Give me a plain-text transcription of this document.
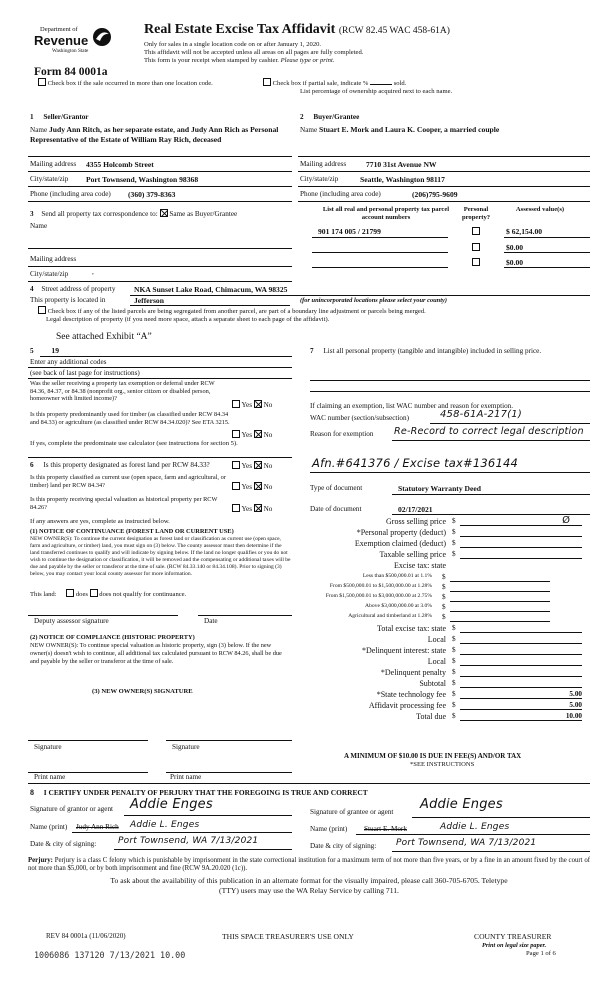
Department of
Revenue
Washington State
Form 84 0001a
Real Estate Excise Tax Affidavit (RCW 82.45 WAC 458-61A)
Only for sales in a single location code on or after January 1, 2020.
This affidavit will not be accepted unless all areas on all pages are fully completed.
This form is your receipt when stamped by cashier. Please type or print.
Check box if the sale occurred in more than one location code.	Check box if partial sale, indicate %	sold.
List percentage of ownership acquired next to each name.
1 Seller/Grantor
Name Judy Ann Ritch, as her separate estate, and Judy Ann Rich as Personal Representative of the Estate of William Ray Rich, deceased
2 Buyer/Grantee
Name Stuart E. Mork and Laura K. Cooper, a married couple
Mailing address 4355 Holcomb Street
City/state/zip Port Townsend, Washington 98368
Phone (including area code) (360) 379-8363
Mailing address	7710 31st Avenue NW
City/state/zip	Seattle, Washington 98117
Phone (including area code)	(206)795-9609
3 Send all property tax correspondence to: Same as Buyer/Grantee
Name
Mailing address
City/state/zip	,
List all real and personal property tax parcel account numbers
Personal property?
Assessed value(s)
901 174 005 / 21799	$ 62,154.00
$0.00
$0.00
4 Street address of property NKA Sunset Lake Road, Chimacum, WA 98325
This property is located in	Jefferson	(for unincorporated locations please select your county)
Check box if any of the listed parcels are being segregated from another parcel, are part of a boundary line adjustment or parcels being merged.
Legal description of property (if you need more space, attach a separate sheet to each page of the affidavit).
See attached Exhibit “A”
5 19
Enter any additional codes
(see back of last page for instructions)
Was the seller receiving a property tax exemption or deferral under RCW 84.36, 84.37, or 84.38 (nonprofit org., senior citizen or disabled person, homeowner with limited income)?
Yes No
Is this property predominantly used for timber (as classified under RCW 84.34 and 84.33) or agriculture (as classified under RCW 84.34.020)? See ETA 3215.
Yes No
If yes, complete the predominate use calculator (see instructions for section 5).
6 Is this property designated as forest land per RCW 84.33?	Yes No
Is this property classified as current use (open space, farm and agricultural, or timber) land per RCW 84.34?	Yes No
Is this property receiving special valuation as historical property per RCW 84.26?	Yes No
If any answers are yes, complete as instructed below.
(1) NOTICE OF CONTINUANCE (FOREST LAND OR CURRENT USE)
NEW OWNER(S): To continue the current designation as forest land or classification as current use (open space, farm and agriculture, or timber) land, you must sign on (3) below. The county assessor must then determine if the land transferred continues to qualify and will indicate by signing below. If the land no longer qualifies or you do not wish to continue the designation or classification, it will be removed and the compensating or additional taxes will be due and payable by the seller or transferor at the time of sale. (RCW 84.33.140 or 84.34.108). Prior to signing (3) below, you may contact your local county assessor for more information.
This land:	does does not qualify for continuance.
Deputy assessor signature	Date
(2) NOTICE OF COMPLIANCE (HISTORIC PROPERTY)
NEW OWNER(S): To continue special valuation as historic property, sign (3) below. If the new owner(s) doesn't wish to continue, all additional tax calculated pursuant to RCW 84.26, shall be due and payable by the seller or transferor at the time of sale.
(3) NEW OWNER(S) SIGNATURE
Signature	Signature
Print name	Print name
7 List all personal property (tangible and intangible) included in selling price.
If claiming an exemption, list WAC number and reason for exemption.
WAC number (section/subsection)	458-61A-217(1)
Reason for exemption Re-Record to correct legal description
Afn.#641376 / Excise tax#136144
Type of document	Statutory Warranty Deed
Date of document	02/17/2021
Gross selling price $	Ø
*Personal property (deduct) $
Exemption claimed (deduct) $
Taxable selling price $
Excise tax: state
Less than $500,000.01 at 1.1% $
From $500,000.01 to $1,500,000.00 at 1.28% $
From $1,500,000.01 to $3,000,000.00 at 2.75% $
Above $3,000,000.00 at 3.0% $
Agricultural and timberland at 1.28% $
Total excise tax: state $
Local $
*Delinquent interest: state $
Local $
*Delinquent penalty $
Subtotal $
*State technology fee $	5.00
Affidavit processing fee $	5.00
Total due $	10.00
A MINIMUM OF $10.00 IS DUE IN FEE(S) AND/OR TAX
*SEE INSTRUCTIONS
8 I CERTIFY UNDER PENALTY OF PERJURY THAT THE FOREGOING IS TRUE AND CORRECT
Signature of grantor or agent Addie Enges
Name (print) Judy Ann Rich Addie L. Enges
Date & city of signing: Port Townsend, WA 7/13/2021
Signature of grantee or agent Addie Enges
Name (print) Stuart E. Mork	Addie L. Enges
Date & city of signing: Port Townsend, WA 7/13/2021
Perjury: Perjury is a class C felony which is punishable by imprisonment in the state correctional institution for a maximum term of not more than five years, or by a fine in an amount fixed by the court of not more than $5,000, or by both imprisonment and fine (RCW 9A.20.020 (1c)).
To ask about the availability of this publication in an alternate format for the visually impaired, please call 360-705-6705. Teletype
(TTY) users may use the WA Relay Service by calling 711.
REV 84 0001a (11/06/2020)	THIS SPACE TREASURER'S USE ONLY	COUNTY TREASURER
Print on legal size paper.
Page 1 of 6
1006086 137120 7/13/2021 10.00
